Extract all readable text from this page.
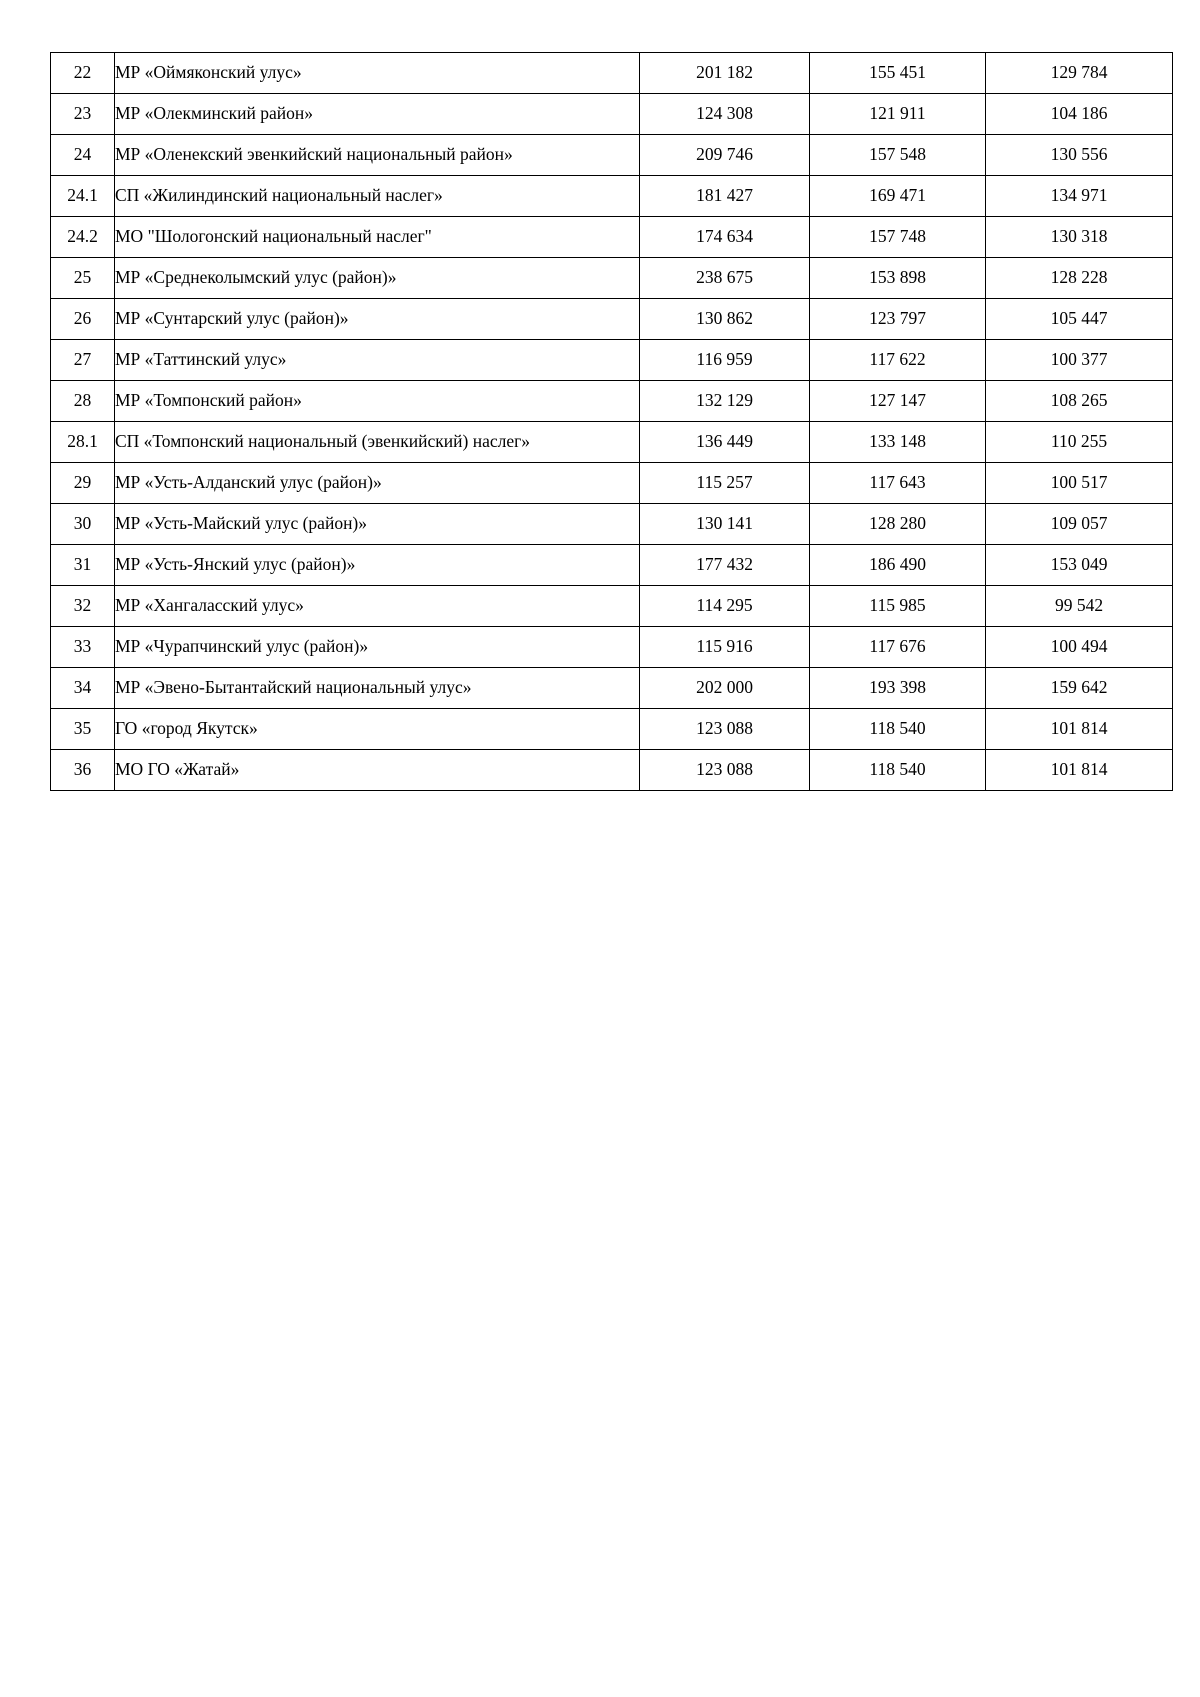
22	МР «Оймяконский улус»	201 182	155 451	129 784
23	МР «Олекминский район»	124 308	121 911	104 186
24	МР «Оленекский эвенкийский национальный район»	209 746	157 548	130 556
24.1	СП «Жилиндинский национальный наслег»	181 427	169 471	134 971
24.2	МО "Шологонский национальный наслег"	174 634	157 748	130 318
25	МР «Среднеколымский улус (район)»	238 675	153 898	128 228
26	МР «Сунтарский улус (район)»	130 862	123 797	105 447
27	МР «Таттинский улус»	116 959	117 622	100 377
28	МР «Томпонский район»	132 129	127 147	108 265
28.1	СП «Томпонский национальный (эвенкийский) наслег»	136 449	133 148	110 255
29	МР «Усть-Алданский улус (район)»	115 257	117 643	100 517
30	МР «Усть-Майский улус (район)»	130 141	128 280	109 057
31	МР «Усть-Янский улус (район)»	177 432	186 490	153 049
32	МР «Хангаласский улус»	114 295	115 985	99 542
33	МР «Чурапчинский улус (район)»	115 916	117 676	100 494
34	МР «Эвено-Бытантайский национальный улус»	202 000	193 398	159 642
35	ГО «город Якутск»	123 088	118 540	101 814
36	МО ГО «Жатай»	123 088	118 540	101 814
